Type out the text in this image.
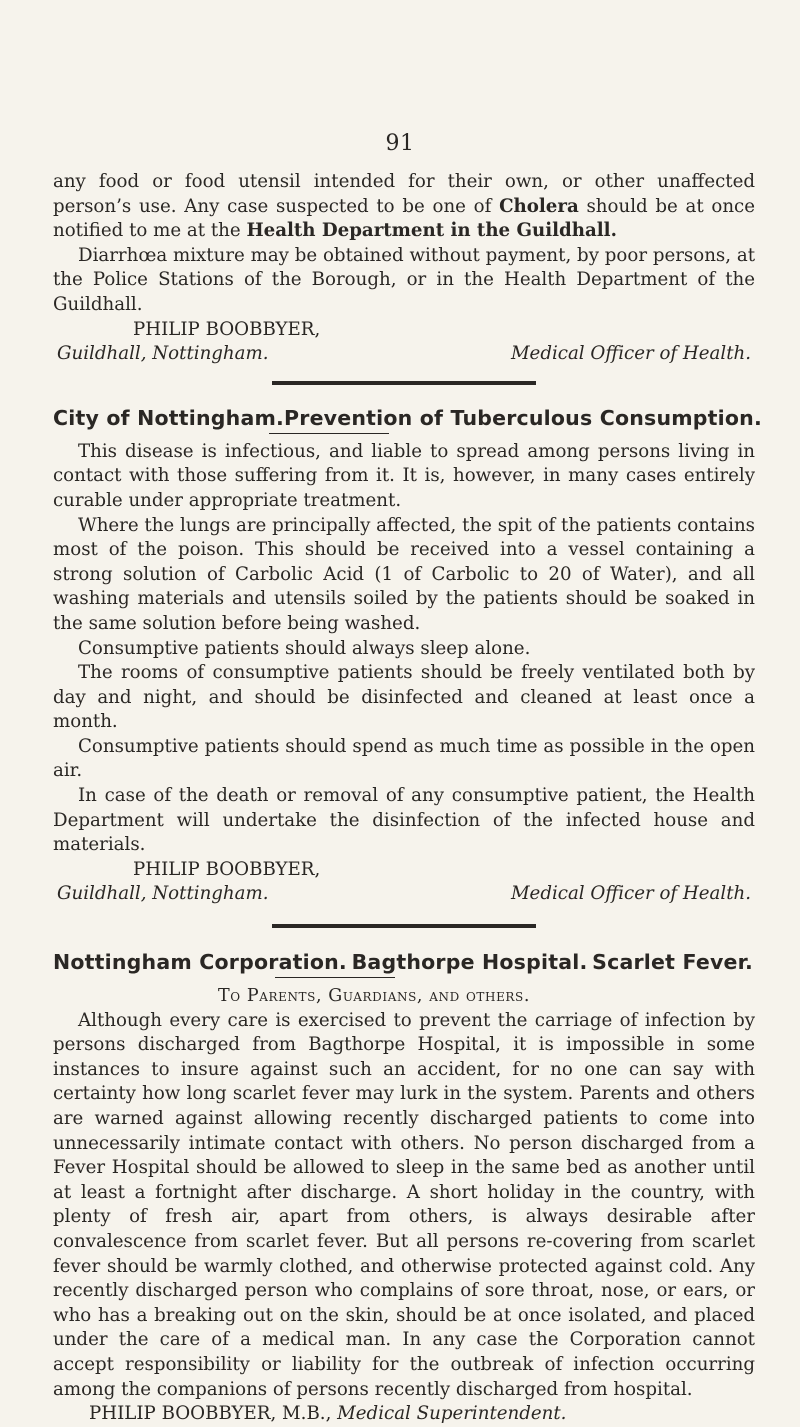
91

any food or food utensil intended for their own, or other unaffected person’s use. Any case suspected to be one of Cholera should be at once notified to me at the Health Department in the Guildhall.

Diarrhœa mixture may be obtained without payment, by poor persons, at the Police Stations of the Borough, or in the Health Department of the Guildhall.

PHILIP BOOBBYER,

Guildhall, Nottingham.	Medical Officer of Health.
City of Nottingham. Prevention of Tuberculous Consumption.

This disease is infectious, and liable to spread among persons living in contact with those suffering from it. It is, however, in many cases entirely curable under appropriate treatment.

Where the lungs are principally affected, the spit of the patients contains most of the poison. This should be received into a vessel containing a strong solution of Carbolic Acid (1 of Carbolic to 20 of Water), and all washing materials and utensils soiled by the patients should be soaked in the same solution before being washed.

Consumptive patients should always sleep alone.

The rooms of consumptive patients should be freely ventilated both by day and night, and should be disinfected and cleaned at least once a month.

Consumptive patients should spend as much time as possible in the open air.

In case of the death or removal of any consumptive patient, the Health Department will undertake the disinfection of the infected house and materials.

PHILIP BOOBBYER,

Guildhall, Nottingham.	Medical Officer of Health.
Nottingham Corporation. Bagthorpe Hospital. Scarlet Fever.
To Parents, Guardians, and others.

Although every care is exercised to prevent the carriage of infection by persons discharged from Bagthorpe Hospital, it is impossible in some instances to insure against such an accident, for no one can say with certainty how long scarlet fever may lurk in the system. Parents and others are warned against allowing recently discharged patients to come into unnecessarily intimate contact with others. No person discharged from a Fever Hospital should be allowed to sleep in the same bed as another until at least a fortnight after discharge. A short holiday in the country, with plenty of fresh air, apart from others, is always desirable after convalescence from scarlet fever. But all persons re-covering from scarlet fever should be warmly clothed, and otherwise protected against cold. Any recently discharged person who complains of sore throat, nose, or ears, or who has a breaking out on the skin, should be at once isolated, and placed under the care of a medical man. In any case the Corporation cannot accept responsibility or liability for the outbreak of infection occurring among the companions of persons recently discharged from hospital.

PHILIP BOOBBYER, M.B., Medical Superintendent.
